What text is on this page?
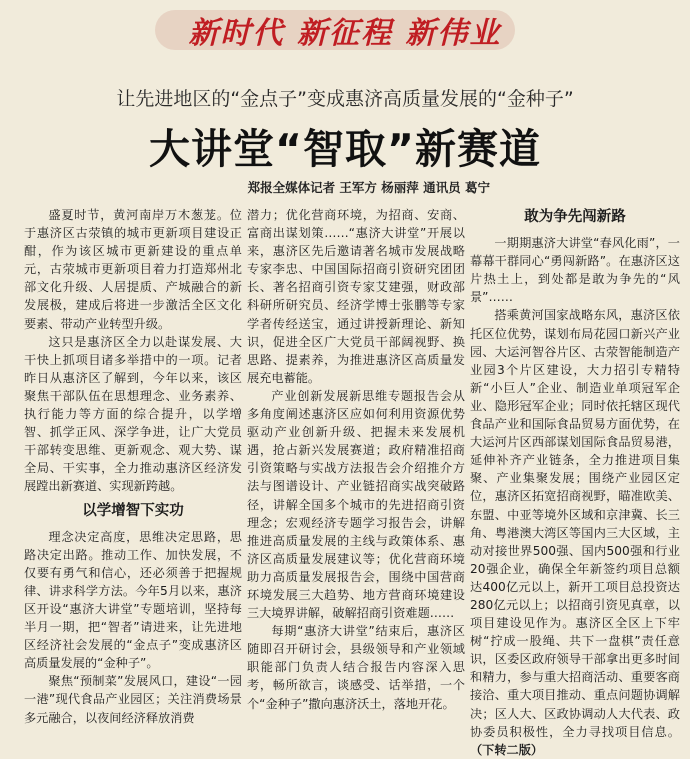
新时代 新征程 新伟业
让先进地区的“金点子”变成惠济高质量发展的“金种子”
大讲堂“智取”新赛道
郑报全媒体记者 王军方 杨丽萍 通讯员 葛宁

盛夏时节，黄河南岸万木葱茏。位于惠济区古荥镇的城市更新项目建设正酣，作为该区城市更新建设的重点单元，古荥城市更新项目着力打造郑州北部文化升级、人居提质、产城融合的新发展极，建成后将进一步激活全区文化要素、带动产业转型升级。

这只是惠济区全力以赴谋发展、大干快上抓项目诸多举措中的一项。记者昨日从惠济区了解到，今年以来，该区聚焦干部队伍在思想理念、业务素养、执行能力等方面的综合提升，以学增智、抓学正风、深学争进，让广大党员干部转变思维、更新观念、观大势、谋全局、干实事，全力推动惠济区经济发展蹚出新赛道、实现新跨越。

以学增智下实功

理念决定高度，思维决定思路，思路决定出路。推动工作、加快发展，不仅要有勇气和信心，还必须善于把握规律、讲求科学方法。今年5月以来，惠济区开设“惠济大讲堂”专题培训，坚持每半月一期，把“智者”请进来，让先进地区经济社会发展的“金点子”变成惠济区高质量发展的“金种子”。

聚焦“预制菜”发展风口，建设“一园一港”现代食品产业园区；关注消费场景多元融合，以夜间经济释放消费

潜力；优化营商环境，为招商、安商、富商出谋划策……“惠济大讲堂”开展以来，惠济区先后邀请著名城市发展战略专家李忠、中国国际招商引资研究团团长、著名招商引资专家艾建强，财政部科研所研究员、经济学博士张鹏等专家学者传经送宝，通过讲授新理论、新知识，促进全区广大党员干部阔视野、换思路、提素养，为推进惠济区高质量发展充电蓄能。

产业创新发展新思维专题报告会从多角度阐述惠济区应如何利用资源优势驱动产业创新升级、把握未来发展机遇，抢占新兴发展赛道；政府精准招商引资策略与实战方法报告会介绍推介方法与图谱设计、产业链招商实战突破路径，讲解全国多个城市的先进招商引资理念；宏观经济专题学习报告会，讲解推进高质量发展的主线与政策体系、惠济区高质量发展建议等；优化营商环境助力高质量发展报告会，围绕中国营商环境发展三大趋势、地方营商环境建设三大境界讲解，破解招商引资难题……

每期“惠济大讲堂”结束后，惠济区随即召开研讨会，县级领导和产业领域职能部门负责人结合报告内容深入思考，畅所欲言，谈感受、话举措，一个个“金种子”撒向惠济沃土，落地开花。

敢为争先闯新路

一期期惠济大讲堂“春风化雨”，一幕幕干群同心“勇闯新路”。在惠济区这片热土上，到处都是敢为争先的“风景”……

搭乘黄河国家战略东风，惠济区依托区位优势，谋划布局花园口新兴产业园、大运河智谷片区、古荥智能制造产业园3个片区建设，大力招引专精特新“小巨人”企业、制造业单项冠军企业、隐形冠军企业；同时依托辖区现代食品产业和国际食品贸易方面优势，在大运河片区西部谋划国际食品贸易港，延伸补齐产业链条，全力推进项目集聚、产业集聚发展；围绕产业园区定位，惠济区拓宽招商视野，瞄准欧美、东盟、中亚等境外区域和京津冀、长三角、粤港澳大湾区等国内三大区域，主动对接世界500强、国内500强和行业20强企业，确保全年新签约项目总额达400亿元以上，新开工项目总投资达280亿元以上；以招商引资见真章，以项目建设见作为。惠济区全区上下牢树“拧成一股绳、共下一盘棋”责任意识，区委区政府领导干部拿出更多时间和精力，参与重大招商活动、重要客商接洽、重大项目推动、重点问题协调解决；区人大、区政协调动人大代表、政协委员积极性，全力寻找项目信息。（下转二版）
